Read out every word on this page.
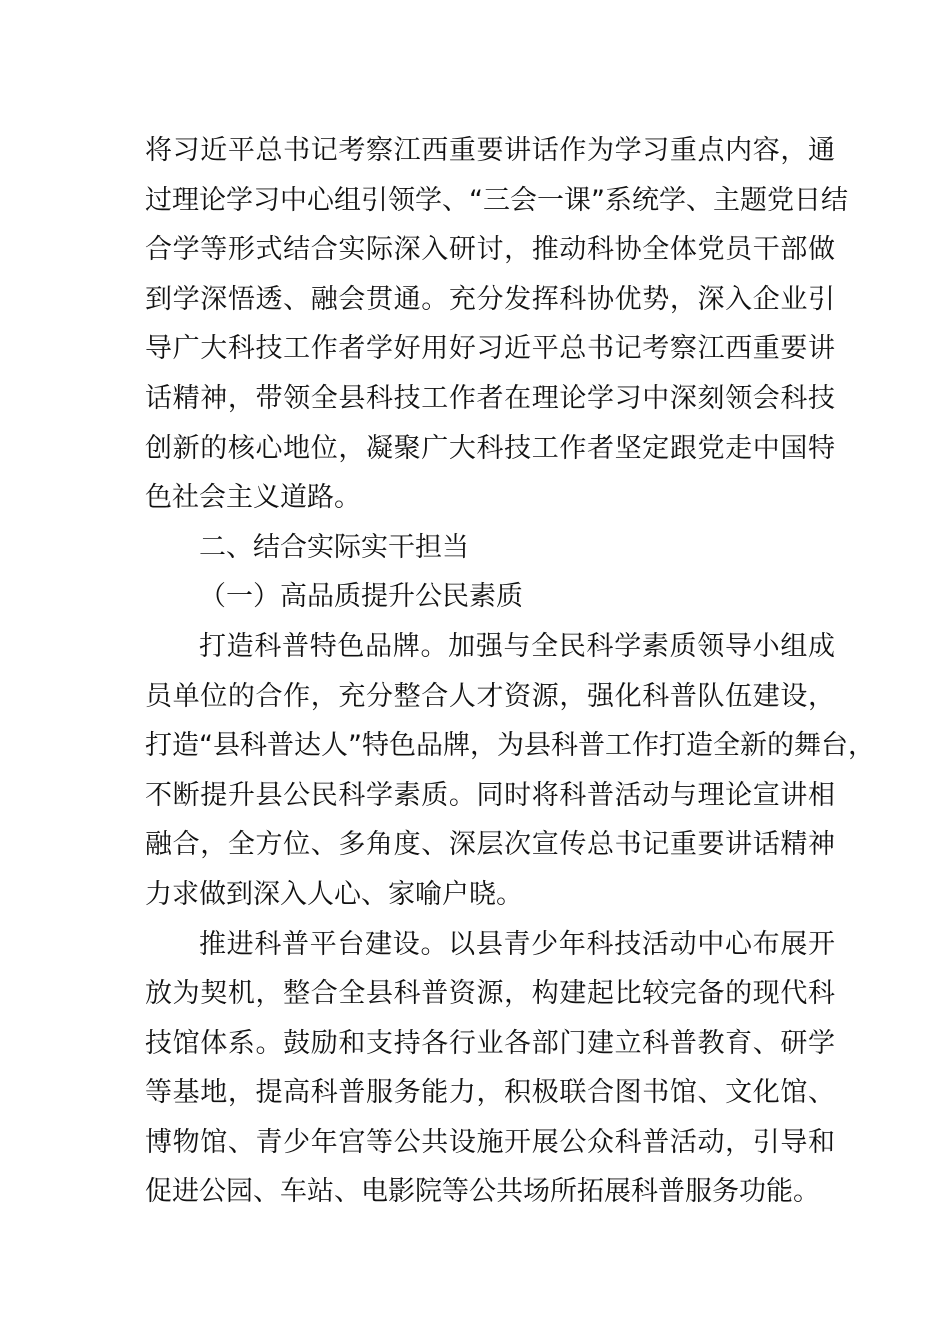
将习近平总书记考察江西重要讲话作为学习重点内容，通
过理论学习中心组引领学、“三会一课”系统学、主题党日结
合学等形式结合实际深入研讨，推动科协全体党员干部做
到学深悟透、融会贯通。充分发挥科协优势，深入企业引
导广大科技工作者学好用好习近平总书记考察江西重要讲
话精神，带领全县科技工作者在理论学习中深刻领会科技
创新的核心地位，凝聚广大科技工作者坚定跟党走中国特
色社会主义道路。
二、结合实际实干担当
（一）高品质提升公民素质
打造科普特色品牌。加强与全民科学素质领导小组成
员单位的合作，充分整合人才资源，强化科普队伍建设，
打造“县科普达人”特色品牌，为县科普工作打造全新的舞台，
不断提升县公民科学素质。同时将科普活动与理论宣讲相
融合，全方位、多角度、深层次宣传总书记重要讲话精神
力求做到深入人心、家喻户晓。
推进科普平台建设。以县青少年科技活动中心布展开
放为契机，整合全县科普资源，构建起比较完备的现代科
技馆体系。鼓励和支持各行业各部门建立科普教育、研学
等基地，提高科普服务能力，积极联合图书馆、文化馆、
博物馆、青少年宫等公共设施开展公众科普活动，引导和
促进公园、车站、电影院等公共场所拓展科普服务功能。
